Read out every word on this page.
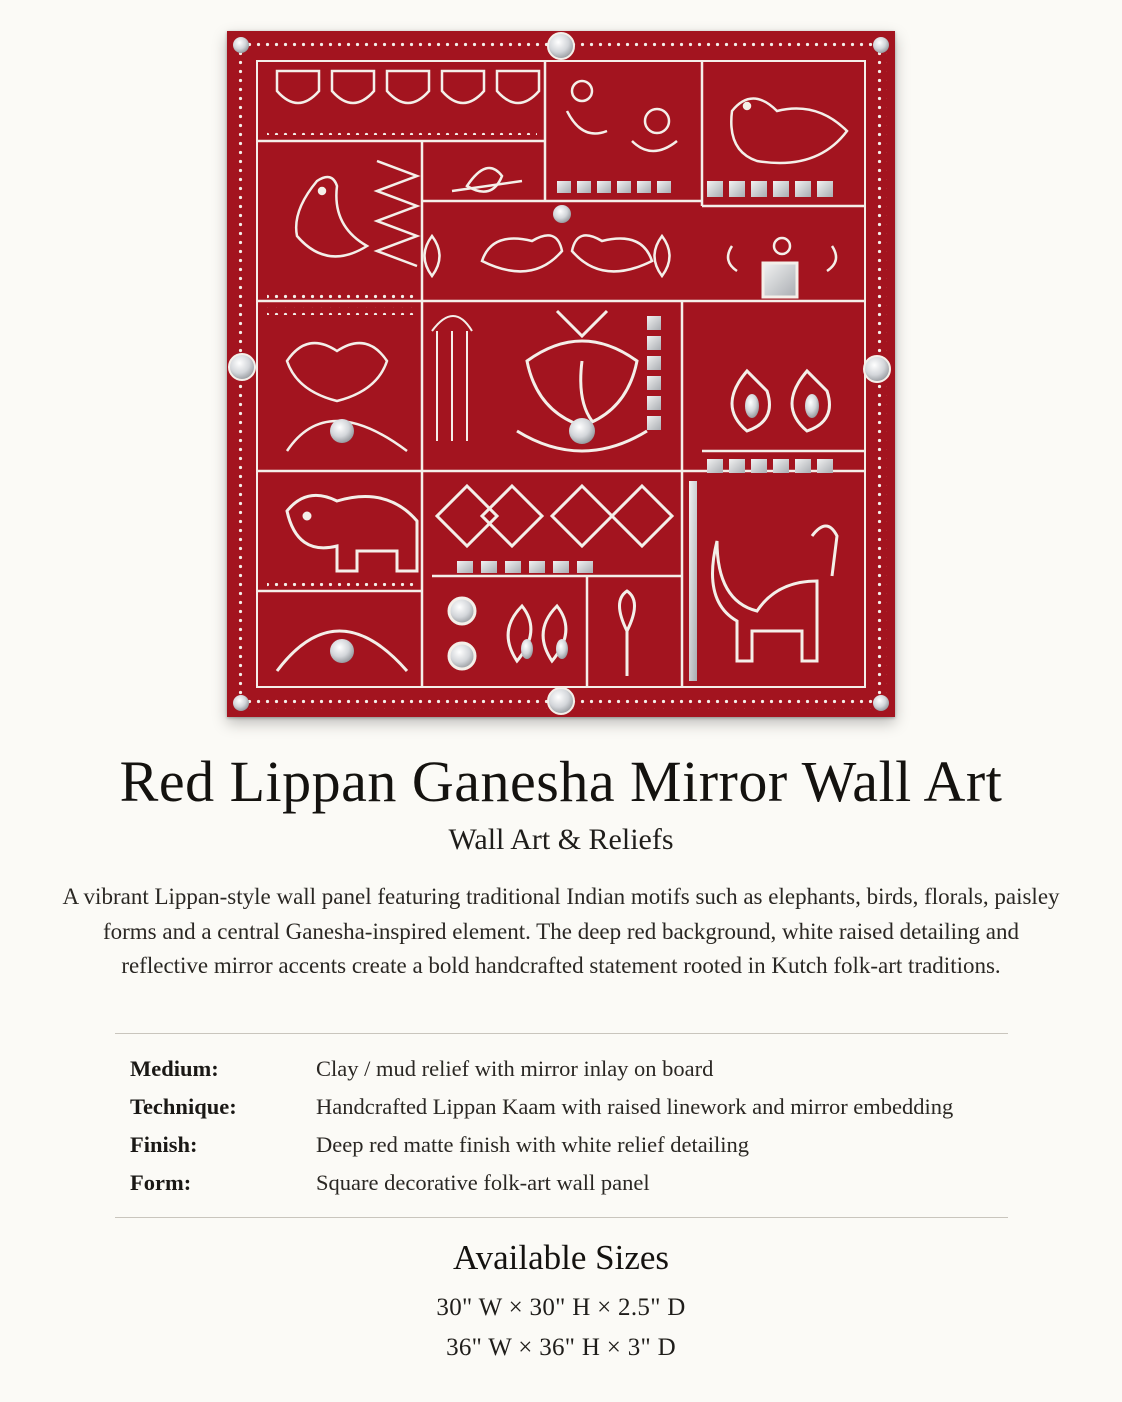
Red Lippan Ganesha Mirror Wall Art
Wall Art & Reliefs

A vibrant Lippan-style wall panel featuring traditional Indian motifs such as elephants, birds, florals, paisley forms and a central Ganesha-inspired element. The deep red background, white raised detailing and reflective mirror accents create a bold handcrafted statement rooted in Kutch folk-art traditions.

Medium:	Clay / mud relief with mirror inlay on board
Technique:	Handcrafted Lippan Kaam with raised linework and mirror embedding
Finish:	Deep red matte finish with white relief detailing
Form:	Square decorative folk-art wall panel
Available Sizes
30" W × 30" H × 2.5" D
36" W × 36" H × 3" D
